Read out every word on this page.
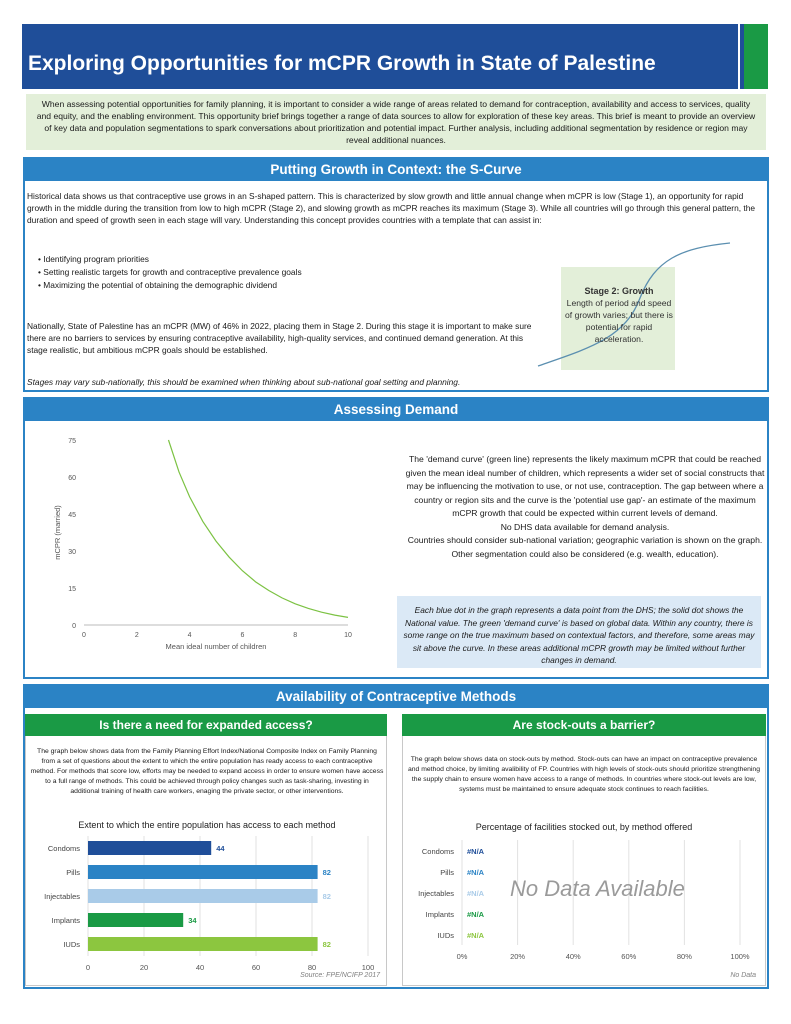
Exploring Opportunities for mCPR Growth in State of Palestine
When assessing potential opportunities for family planning, it is important to consider a wide range of areas related to demand for contraception, availability and access to services, quality and equity, and the enabling environment. This opportunity brief brings together a range of data sources to allow for exploration of these key areas. This brief is meant to provide an overview of key data and population segmentations to spark conversations about prioritization and potential impact. Further analysis, including additional segmentation by residence or region may reveal additional nuances.
Putting Growth in Context: the S-Curve
Historical data shows us that contraceptive use grows in an S-shaped pattern. This is characterized by slow growth and little annual change when mCPR is low (Stage 1), an opportunity for rapid growth in the middle during the transition from low to high mCPR (Stage 2), and slowing growth as mCPR reaches its maximum (Stage 3). While all countries will go through this general pattern, the duration and speed of growth seen in each stage will vary. Understanding this concept provides countries with a template that can assist in:
• Identifying program priorities
• Setting realistic targets for growth and contraceptive prevalence goals
• Maximizing the potential of obtaining the demographic dividend
Nationally, State of Palestine has an mCPR (MW) of 46% in 2022, placing them in Stage 2. During this stage it is important to make sure there are no barriers to services by ensuring contraceptive availability, high-quality services, and continued demand generation. At this stage realistic, but ambitious mCPR goals should be established.
Stages may vary sub-nationally, this should be examined when thinking about sub-national goal setting and planning.
Stage 2: Growth
Length of period and speed of growth varies; but there is potential for rapid acceleration.
Assessing Demand
0
15
30
45
60
75
0	2	4	6	8	10
Mean ideal number of children
mCPR (married)
The 'demand curve' (green line) represents the likely maximum mCPR that could be reached given the mean ideal number of children, which represents a wider set of social constructs that may be influencing the motivation to use, or not use, contraception. The gap between where a country or region sits and the curve is the 'potential use gap'- an estimate of the maximum mCPR growth that could be expected within current levels of demand.
No DHS data available for demand analysis.
Countries should consider sub-national variation; geographic variation is shown on the graph. Other segmentation could also be considered (e.g. wealth, education).
Each blue dot in the graph represents a data point from the DHS; the solid dot shows the National value. The green 'demand curve' is based on global data. Within any country, there is some range on the true maximum based on contextual factors, and therefore, some areas may sit above the curve. In these areas additional mCPR growth may be limited without further changes in demand.
Availability of Contraceptive Methods
Is there a need for expanded access?
The graph below shows data from the Family Planning Effort Index/National Composite Index on Family Planning from a set of questions about the extent to which the entire population has ready access to each contraceptive method. For methods that score low, efforts may be needed to expand access in order to ensure women have access to a full range of methods. This could be achieved through policy changes such as task-sharing, investing in additional training of health care workers, enaging the private sector, or other interventions.
Extent to which the entire population has access to each method
0	20	40	60	80	100
Condoms	44
Pills	82
Injectables	82
Implants	34
IUDs	82
Source: FPE/NCIFP 2017
Are stock-outs a barrier?
The graph below shows data on stock-outs by method. Stock-outs can have an impact on contraceptive prevalence and method choice, by limiting avalibility of FP. Countries with high levels of stock-outs should prioritize strengthening the supply chain to ensure women have access to a range of methods. In countries where stock-out levels are low, systems must be maintained to ensure adequate stock continues to reach facilities.
Percentage of facilities stocked out, by method offered
0%	20%	40%	60%	80%	100%
Condoms #N/A
Pills #N/A
Injectables #N/A
Implants #N/A
IUDs #N/A
No Data Available
No Data
